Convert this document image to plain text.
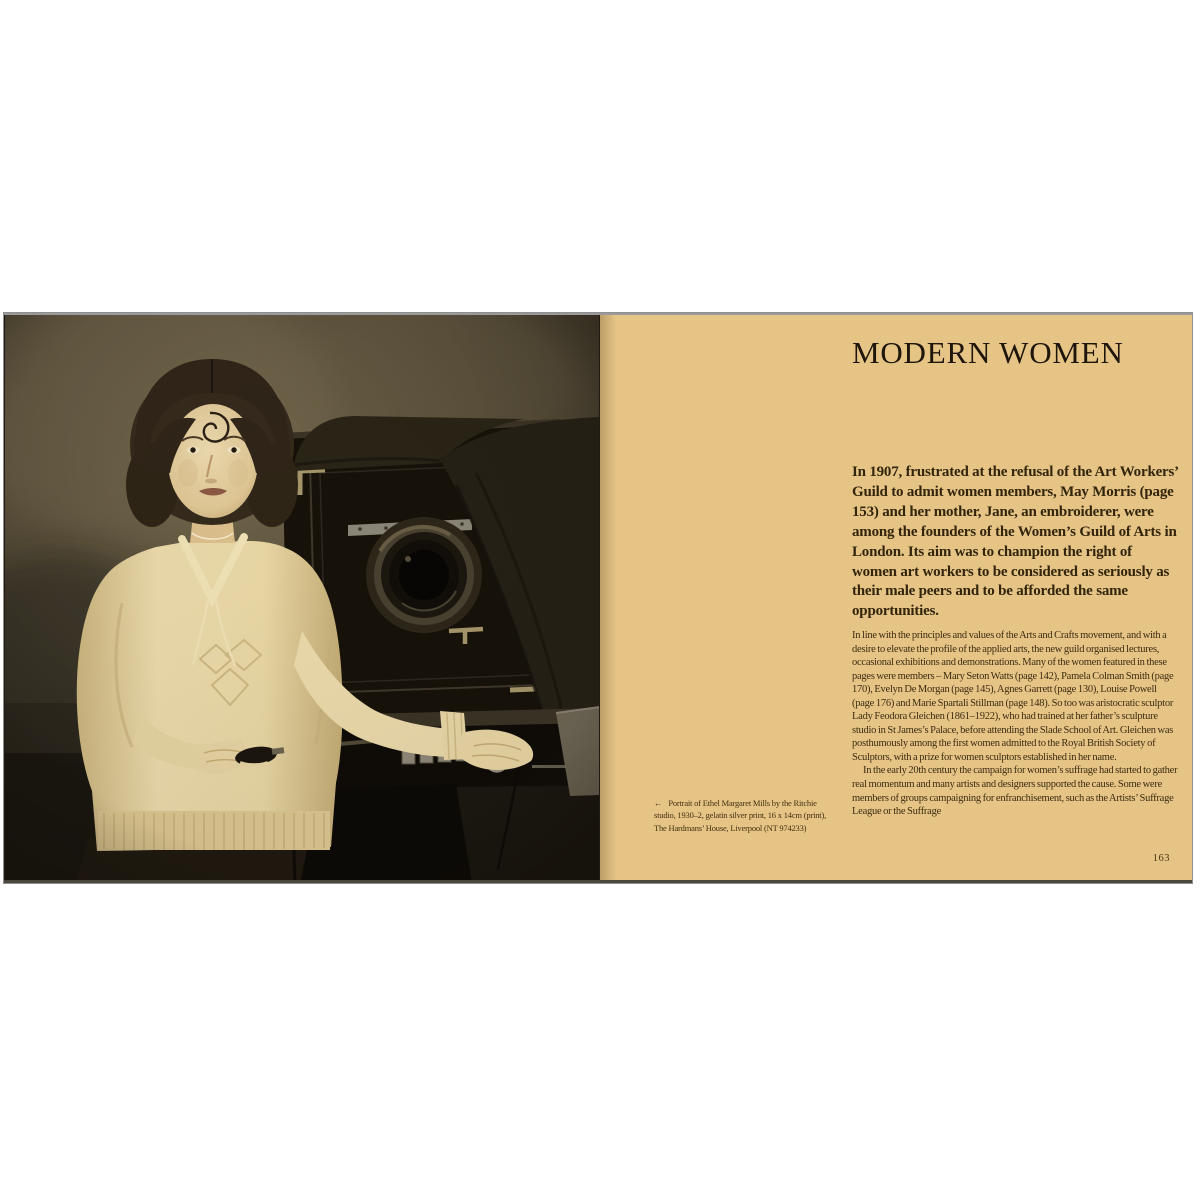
MODERN WOMEN
In 1907, frustrated at the refusal of the Art Workers’ Guild to admit women members, May Morris (page 153) and her mother, Jane, an embroiderer, were among the founders of the Women’s Guild of Arts in London. Its aim was to champion the right of women art workers to be considered as seriously as their male peers and to be afforded the same opportunities.

In line with the principles and values of the Arts and Crafts movement, and with a desire to elevate the profile of the applied arts, the new guild organised lectures, occasional exhibitions and demonstrations. Many of the women featured in these pages were members – Mary Seton Watts (page 142), Pamela Colman Smith (page 170), Evelyn De Morgan (page 145), Agnes Garrett (page 130), Louise Powell (page 176) and Marie Spartali Stillman (page 148). So too was aristocratic sculptor Lady Feodora Gleichen (1861–1922), who had trained at her father’s sculpture studio in St James’s Palace, before attending the Slade School of Art. Gleichen was posthumously among the first women admitted to the Royal British Society of Sculptors, with a prize for women sculptors established in her name.

In the early 20th century the campaign for women’s suffrage had started to gather real momentum and many artists and designers supported the cause. Some were members of groups campaigning for enfranchisement, such as the Artists’ Suffrage League or the Suffrage

← Portrait of Ethel Margaret Mills by the Ritchie studio, 1930–2, gelatin silver print, 16 x 14cm (print), The Hardmans’ House, Liverpool (NT 974233)
163
